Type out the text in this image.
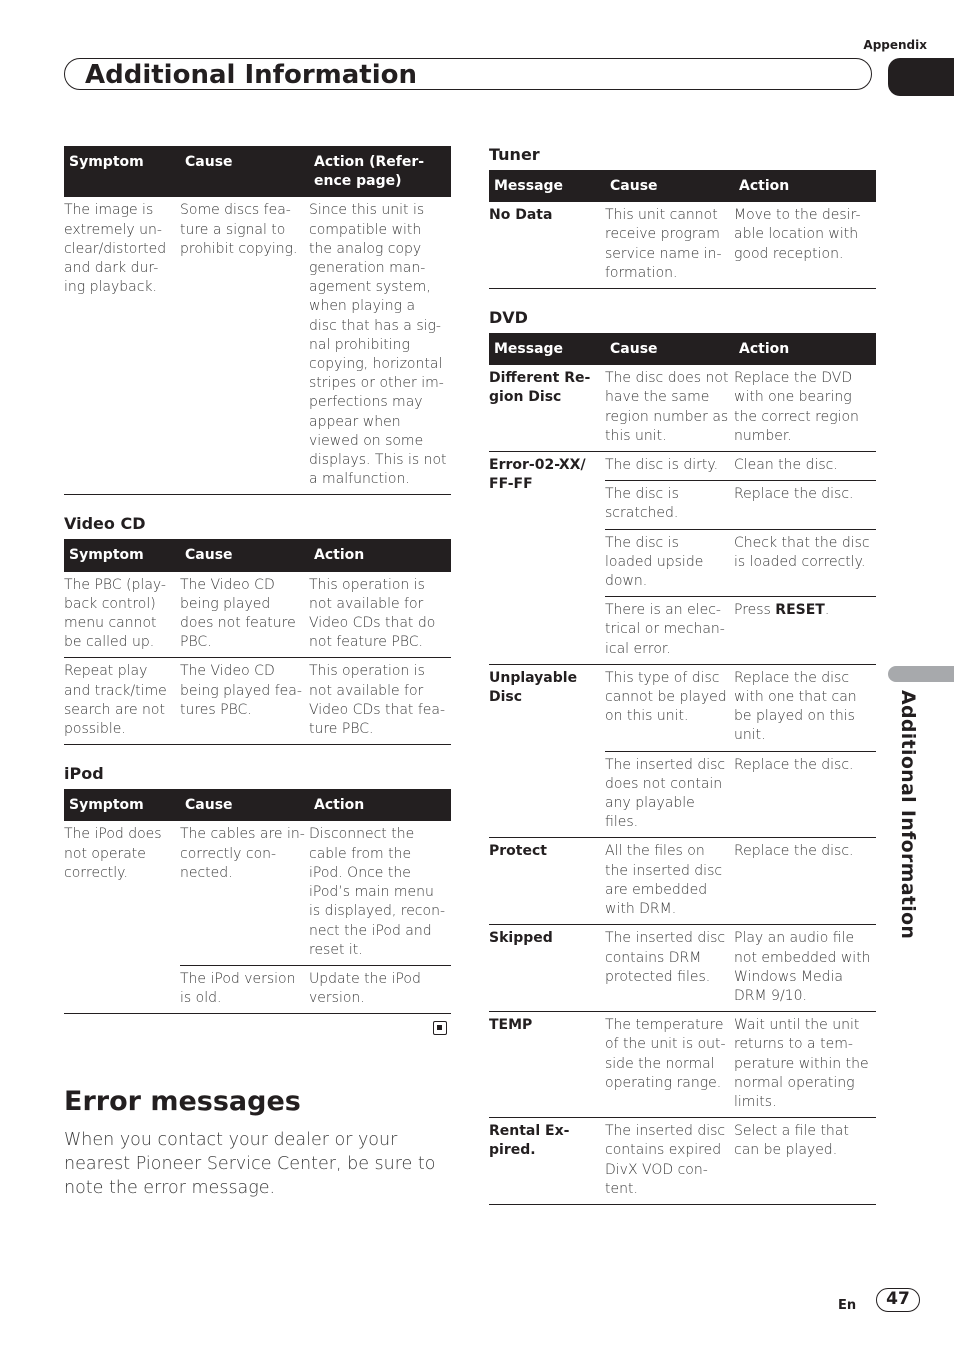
Appendix
Additional Information
Additional Information
Symptom	Cause	Action (Refer-ence page)
The image is extremely un-clear/distorted and dark dur-ing playback.	Some discs fea-ture a signal to prohibit copying.	Since this unit is compatible with the analog copy generation man-agement system, when playing a disc that has a sig-nal prohibiting copying, horizontal stripes or other im-perfections may appear when viewed on some displays. This is not a malfunction.
Video CD
Symptom	Cause	Action
The PBC (play-back control) menu cannot be called up.	The Video CD being played does not feature PBC.	This operation is not available for Video CDs that do not feature PBC.
Repeat play and track/time search are not possible.	The Video CD being played fea-tures PBC.	This operation is not available for Video CDs that fea-ture PBC.
iPod
Symptom	Cause	Action
The iPod does not operate correctly.	The cables are in-correctly con-nected.	Disconnect the cable from the iPod. Once the iPod’s main menu is displayed, recon-nect the iPod and reset it.
	The iPod version is old.	Update the iPod version.
Error messages

When you contact your dealer or your nearest Pioneer Service Center, be sure to note the error message.

Tuner
Message	Cause	Action
No Data	This unit cannot receive program service name in-formation.	Move to the desir-able location with good reception.
DVD
Message	Cause	Action
Different Re-gion Disc	The disc does not have the same region number as this unit.	Replace the DVD with one bearing the correct region number.
Error-02-XX/ FF-FF	The disc is dirty.	Clean the disc.
	The disc is scratched.	Replace the disc.
	The disc is loaded upside down.	Check that the disc is loaded correctly.
	There is an elec-trical or mechan-ical error.	Press RESET.
Unplayable Disc	This type of disc cannot be played on this unit.	Replace the disc with one that can be played on this unit.
	The inserted disc does not contain any playable files.	Replace the disc.
Protect	All the files on the inserted disc are embedded with DRM.	Replace the disc.
Skipped	The inserted disc contains DRM protected files.	Play an audio file not embedded with Windows Media DRM 9/10.
TEMP	The temperature of the unit is out-side the normal operating range.	Wait until the unit returns to a tem-perature within the normal operating limits.
Rental Ex-pired.	The inserted disc contains expired DivX VOD con-tent.	Select a file that can be played.
En	47
